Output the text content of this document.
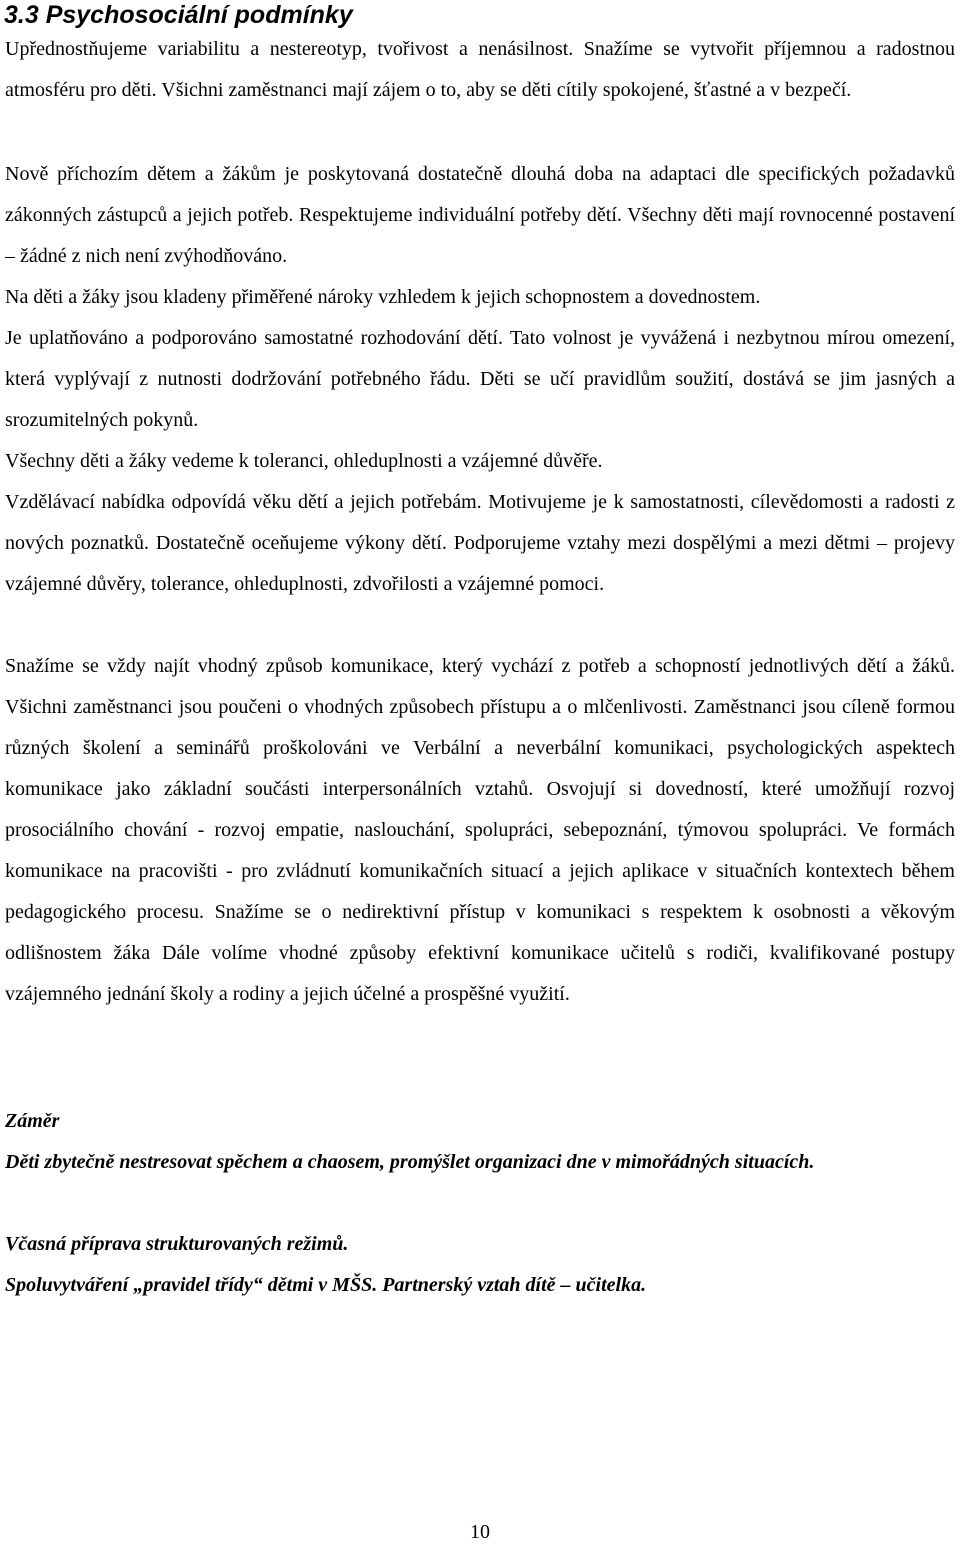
3.3 Psychosociální podmínky

Upřednostňujeme variabilitu a nestereotyp, tvořivost a nenásilnost. Snažíme se vytvořit příjemnou a radostnou atmosféru pro děti. Všichni zaměstnanci mají zájem o to, aby se děti cítily spokojené, šťastné a v bezpečí.

Nově příchozím dětem a žákům je poskytovaná dostatečně dlouhá doba na adaptaci dle specifických požadavků zákonných zástupců a jejich potřeb. Respektujeme individuální potřeby dětí. Všechny děti mají rovnocenné postavení – žádné z nich není zvýhodňováno.

Na děti a žáky jsou kladeny přiměřené nároky vzhledem k jejich schopnostem a dovednostem.

Je uplatňováno a podporováno samostatné rozhodování dětí. Tato volnost je vyvážená i nezbytnou mírou omezení, která vyplývají z nutnosti dodržování potřebného řádu. Děti se učí pravidlům soužití, dostává se jim jasných a srozumitelných pokynů.

Všechny děti a žáky vedeme k toleranci, ohleduplnosti a vzájemné důvěře.

Vzdělávací nabídka odpovídá věku dětí a jejich potřebám. Motivujeme je k samostatnosti, cílevědomosti a radosti z nových poznatků. Dostatečně oceňujeme výkony dětí. Podporujeme vztahy mezi dospělými a mezi dětmi – projevy vzájemné důvěry, tolerance, ohleduplnosti, zdvořilosti a vzájemné pomoci.

Snažíme se vždy najít vhodný způsob komunikace, který vychází z potřeb a schopností jednotlivých dětí a žáků. Všichni zaměstnanci jsou poučeni o vhodných způsobech přístupu a o mlčenlivosti. Zaměstnanci jsou cíleně formou různých školení a seminářů proškolováni ve Verbální a neverbální komunikaci, psychologických aspektech komunikace jako základní součásti interpersonálních vztahů. Osvojují si dovedností, které umožňují rozvoj prosociálního chování - rozvoj empatie, naslouchání, spolupráci, sebepoznání, týmovou spolupráci. Ve formách komunikace na pracovišti - pro zvládnutí komunikačních situací a jejich aplikace v situačních kontextech během pedagogického procesu. Snažíme se o nedirektivní přístup v komunikaci s respektem k osobnosti a věkovým odlišnostem žáka Dále volíme vhodné způsoby efektivní komunikace učitelů s rodiči, kvalifikované postupy vzájemného jednání školy a rodiny a jejich účelné a prospěšné využití.

Záměr

Děti zbytečně nestresovat spěchem a chaosem, promýšlet organizaci dne v mimořádných situacích.

Včasná příprava strukturovaných režimů.

Spoluvytváření „pravidel třídy“ dětmi v MŠS. Partnerský vztah dítě – učitelka.

10
